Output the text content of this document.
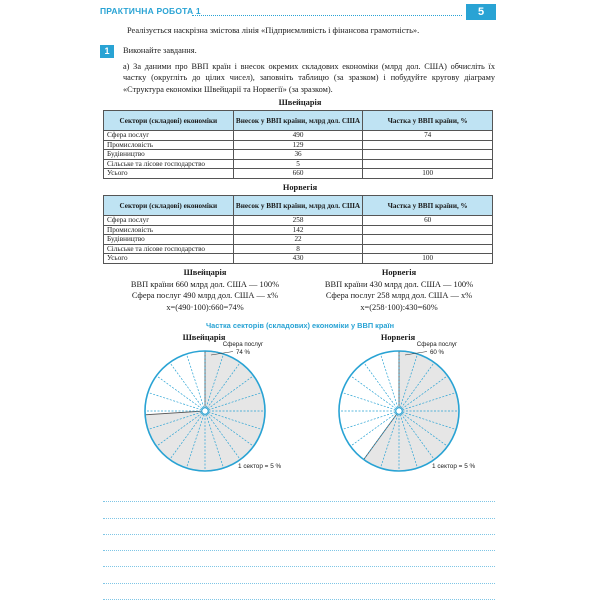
ПРАКТИЧНА РОБОТА 1	5
Реалізується наскрізна змістова лінія «Підприємливість і фінансова грамотність».
1	Виконайте завдання.
а) За даними про ВВП країн і внесок окремих складових економіки (млрд дол. США) обчисліть їх частку (округліть до цілих чисел), заповніть таблицю (за зразком) і побудуйте кругову діаграму «Структура економіки Швейцарії та Норвегії» (за зразком).
Швейцарія
Сектори (складові) економіки	Внесок у ВВП країни, млрд дол. США	Частка у ВВП країни, %
Сфера послуг	490	74
Промисловість	129	
Будівництво	36	
Сільське та лісове господарство	5	
Усього	660	100
Норвегія
Сектори (складові) економіки	Внесок у ВВП країни, млрд дол. США	Частка у ВВП країни, %
Сфера послуг	258	60
Промисловість	142	
Будівництво	22	
Сільське та лісове господарство	8	
Усього	430	100
Швейцарія
ВВП країни 660 млрд дол. США — 100%
Сфера послуг 490 млрд дол. США — x%
x=(490·100):660=74%
Норвегія
ВВП країни 430 млрд дол. США — 100%
Сфера послуг 258 млрд дол. США — x%
x=(258·100):430=60%
Частка секторів (складових) економіки у ВВП країн
Швейцарія
Сфера послуг
74 %
1 сектор = 5 %
Норвегія
Сфера послуг
60 %
1 сектор = 5 %
